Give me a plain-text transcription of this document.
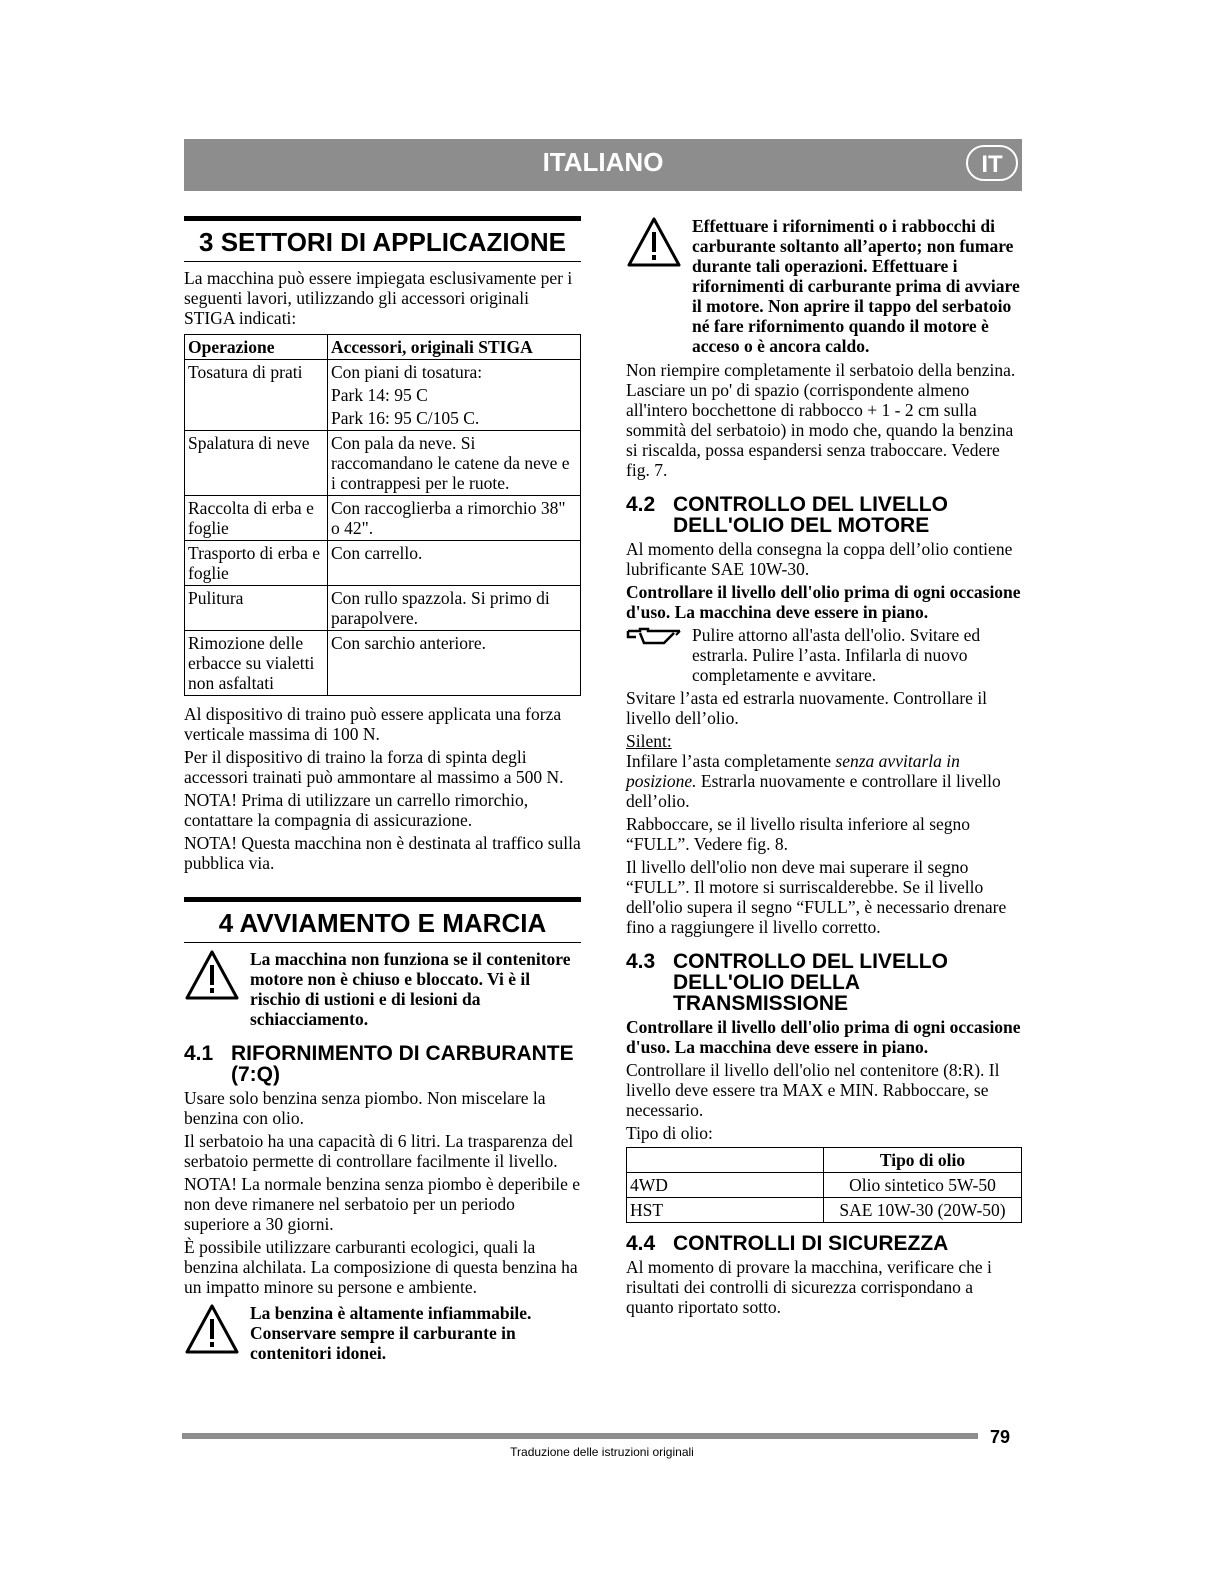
ITALIANO	IT
3 SETTORI DI APPLICAZIONE

La macchina può essere impiegata esclusivamente per i seguenti lavori, utilizzando gli accessori originali STIGA indicati:

Operazione	Accessori, originali STIGA
Tosatura di prati	Con piani di tosatura:
Park 14: 95 C
Park 16: 95 C/105 C.

Spalatura di neve	Con pala da neve. Si raccomandano le catene da neve e i contrappesi per le ruote.
Raccolta di erba e foglie	Con raccoglierba a rimorchio 38" o 42".
Trasporto di erba e foglie	Con carrello.
Pulitura	Con rullo spazzola. Si primo di parapolvere.
Rimozione delle erbacce su vialetti non asfaltati	Con sarchio anteriore.

Al dispositivo di traino può essere applicata una forza verticale massima di 100 N.

Per il dispositivo di traino la forza di spinta degli accessori trainati può ammontare al massimo a 500 N.

NOTA! Prima di utilizzare un carrello rimorchio, contattare la compagnia di assicurazione.

NOTA! Questa macchina non è destinata al traffico sulla pubblica via.

4 AVVIAMENTO E MARCIA
La macchina non funziona se il contenitore motore non è chiuso e bloccato. Vi è il rischio di ustioni e di lesioni da schiacciamento.
4.1 RIFORNIMENTO DI CARBURANTE (7:Q)

Usare solo benzina senza piombo. Non miscelare la benzina con olio.

Il serbatoio ha una capacità di 6 litri. La trasparenza del serbatoio permette di controllare facilmente il livello.

NOTA! La normale benzina senza piombo è deperibile e non deve rimanere nel serbatoio per un periodo superiore a 30 giorni.

È possibile utilizzare carburanti ecologici, quali la benzina alchilata. La composizione di questa benzina ha un impatto minore su persone e ambiente.

La benzina è altamente infiammabile. Conservare sempre il carburante in contenitori idonei.
Effettuare i rifornimenti o i rabbocchi di carburante soltanto all’aperto; non fumare durante tali operazioni. Effettuare i rifornimenti di carburante prima di avviare il motore. Non aprire il tappo del serbatoio né fare rifornimento quando il motore è acceso o è ancora caldo.

Non riempire completamente il serbatoio della benzina. Lasciare un po' di spazio (corrispondente almeno all'intero bocchettone di rabbocco + 1 - 2 cm sulla sommità del serbatoio) in modo che, quando la benzina si riscalda, possa espandersi senza traboccare. Vedere fig. 7.

4.2 CONTROLLO DEL LIVELLO DELL'OLIO DEL MOTORE

Al momento della consegna la coppa dell’olio contiene lubrificante SAE 10W-30.

Controllare il livello dell'olio prima di ogni occasione d'uso. La macchina deve essere in piano.

Pulire attorno all'asta dell'olio. Svitare ed estrarla. Pulire l’asta. Infilarla di nuovo completamente e avvitare.

Svitare l’asta ed estrarla nuovamente. Controllare il livello dell’olio.

Silent:

Infilare l’asta completamente senza avvitarla in posizione. Estrarla nuovamente e controllare il livello dell’olio.

Rabboccare, se il livello risulta inferiore al segno “FULL”. Vedere fig. 8.

Il livello dell'olio non deve mai superare il segno “FULL”. Il motore si surriscalderebbe. Se il livello dell'olio supera il segno “FULL”, è necessario drenare fino a raggiungere il livello corretto.

4.3 CONTROLLO DEL LIVELLO DELL'OLIO DELLA TRANSMISSIONE

Controllare il livello dell'olio prima di ogni occasione d'uso. La macchina deve essere in piano.

Controllare il livello dell'olio nel contenitore (8:R). Il livello deve essere tra MAX e MIN. Rabboccare, se necessario.

Tipo di olio:

	Tipo di olio
4WD	Olio sintetico 5W-50
HST	SAE 10W-30 (20W-50)
4.4 CONTROLLI DI SICUREZZA

Al momento di provare la macchina, verificare che i risultati dei controlli di sicurezza corrispondano a quanto riportato sotto.

79
Traduzione delle istruzioni originali
